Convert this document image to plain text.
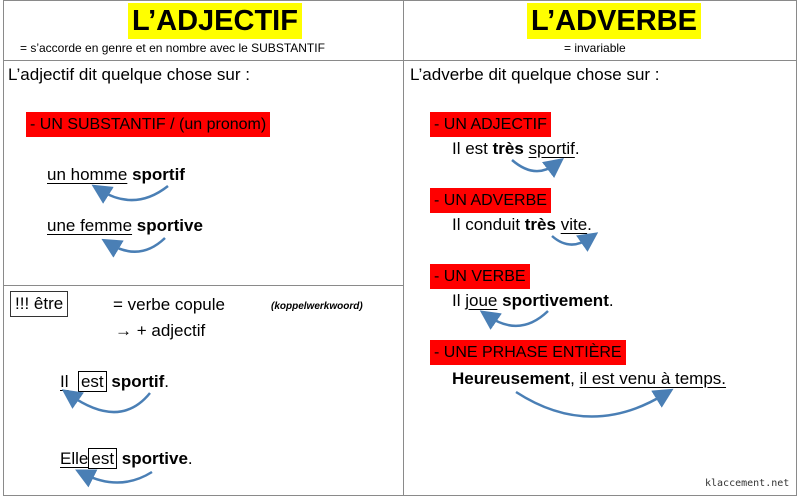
L’ADJECTIF
= s’accorde en genre et en nombre avec le SUBSTANTIF
L’adjectif dit quelque chose sur :
- UN SUBSTANTIF / (un pronom)
un homme sportif
une femme sportive
!!! être	= verbe copule	(koppelwerkwoord)
→ + adjectif
Il est sportif.
Elle est sportive.
L’ADVERBE
= invariable
L’adverbe dit quelque chose sur :
- UN ADJECTIF
Il est très sportif.
- UN ADVERBE
Il conduit très vite.
- UN VERBE
Il joue sportivement.
- UNE PRHASE ENTIÈRE
Heureusement, il est venu à temps.
klaccement.net
